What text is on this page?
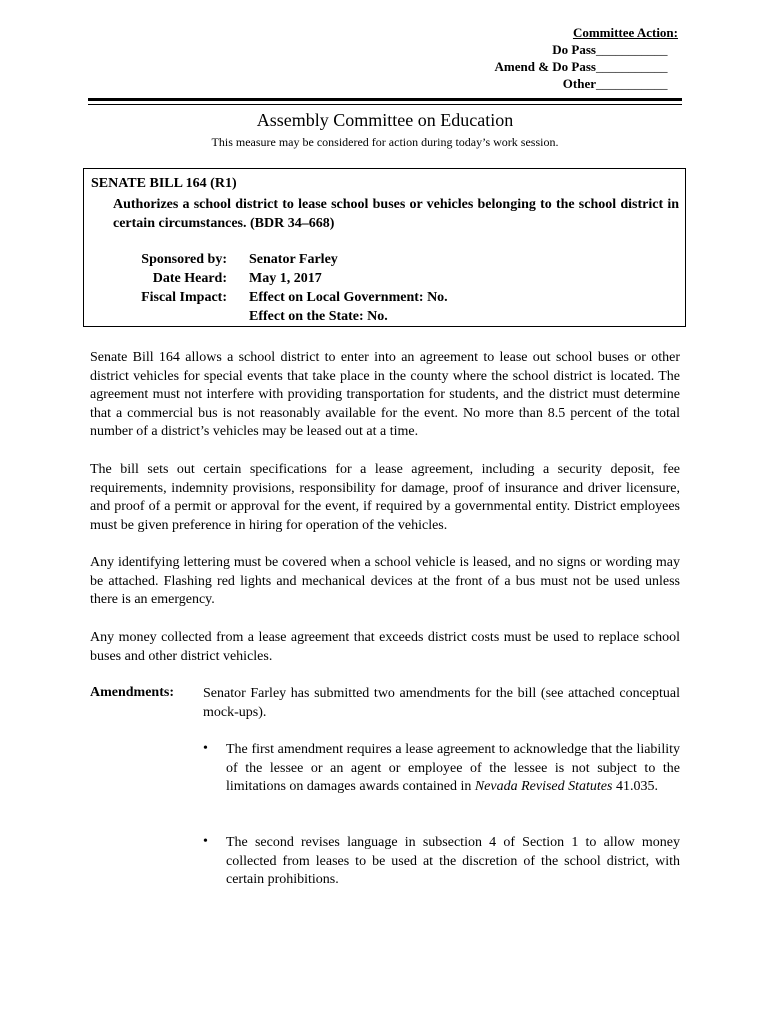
Committee Action:
Do Pass___________
Amend & Do Pass___________
Other___________
Assembly Committee on Education
This measure may be considered for action during today’s work session.
SENATE BILL 164 (R1)
Authorizes a school district to lease school buses or vehicles belonging to the school district in certain circumstances. (BDR 34–668)
Sponsored by: Senator Farley
Date Heard: May 1, 2017
Fiscal Impact: Effect on Local Government: No.
Effect on the State: No.

Senate Bill 164 allows a school district to enter into an agreement to lease out school buses or other district vehicles for special events that take place in the county where the school district is located. The agreement must not interfere with providing transportation for students, and the district must determine that a commercial bus is not reasonably available for the event. No more than 8.5 percent of the total number of a district’s vehicles may be leased out at a time.

The bill sets out certain specifications for a lease agreement, including a security deposit, fee requirements, indemnity provisions, responsibility for damage, proof of insurance and driver licensure, and proof of a permit or approval for the event, if required by a governmental entity. District employees must be given preference in hiring for operation of the vehicles.

Any identifying lettering must be covered when a school vehicle is leased, and no signs or wording may be attached. Flashing red lights and mechanical devices at the front of a bus must not be used unless there is an emergency.

Any money collected from a lease agreement that exceeds district costs must be used to replace school buses and other district vehicles.

Amendments: Senator Farley has submitted two amendments for the bill (see attached conceptual mock-ups).
• The first amendment requires a lease agreement to acknowledge that the liability of the lessee or an agent or employee of the lessee is not subject to the limitations on damages awards contained in Nevada Revised Statutes 41.035.
• The second revises language in subsection 4 of Section 1 to allow money collected from leases to be used at the discretion of the school district, with certain prohibitions.
